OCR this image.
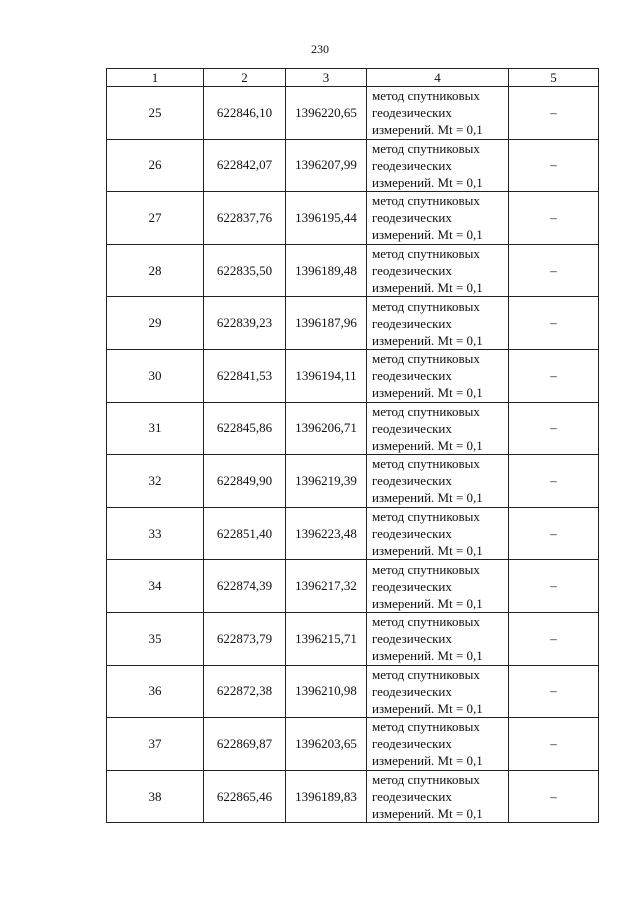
230
1	2	3	4	5
25	622846,10	1396220,65	метод спутниковых
геодезических
измерений. Mt = 0,1	–
26	622842,07	1396207,99	метод спутниковых
геодезических
измерений. Mt = 0,1	–
27	622837,76	1396195,44	метод спутниковых
геодезических
измерений. Mt = 0,1	–
28	622835,50	1396189,48	метод спутниковых
геодезических
измерений. Mt = 0,1	–
29	622839,23	1396187,96	метод спутниковых
геодезических
измерений. Mt = 0,1	–
30	622841,53	1396194,11	метод спутниковых
геодезических
измерений. Mt = 0,1	–
31	622845,86	1396206,71	метод спутниковых
геодезических
измерений. Mt = 0,1	–
32	622849,90	1396219,39	метод спутниковых
геодезических
измерений. Mt = 0,1	–
33	622851,40	1396223,48	метод спутниковых
геодезических
измерений. Mt = 0,1	–
34	622874,39	1396217,32	метод спутниковых
геодезических
измерений. Mt = 0,1	–
35	622873,79	1396215,71	метод спутниковых
геодезических
измерений. Mt = 0,1	–
36	622872,38	1396210,98	метод спутниковых
геодезических
измерений. Mt = 0,1	–
37	622869,87	1396203,65	метод спутниковых
геодезических
измерений. Mt = 0,1	–
38	622865,46	1396189,83	метод спутниковых
геодезических
измерений. Mt = 0,1	–
